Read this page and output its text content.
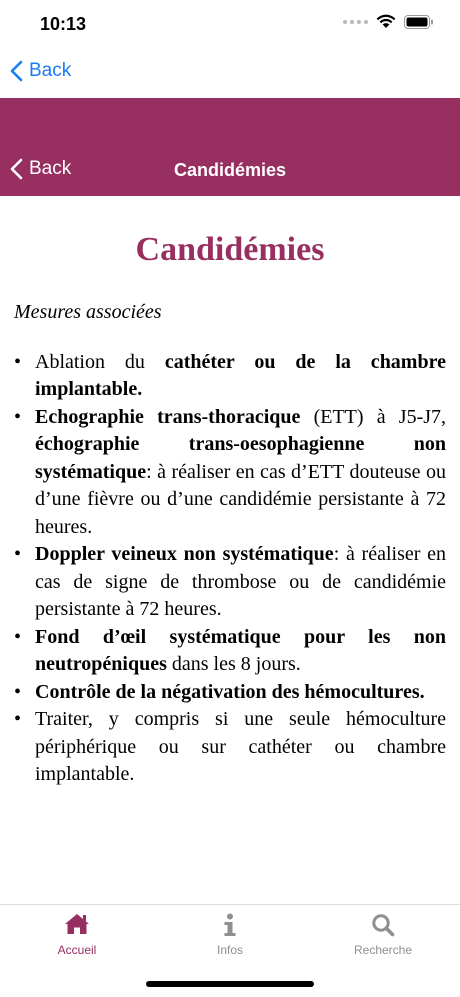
10:13
Back
Back	Candidémies
Candidémies

Mesures associées

• Ablation du cathéter ou de la chambre implantable.
• Echographie trans-thoracique (ETT) à J5-J7, échographie trans-oesophagienne non systématique: à réaliser en cas d’ETT douteuse ou d’une fièvre ou d’une candidémie persistante à 72 heures.
• Doppler veineux non systématique: à réaliser en cas de signe de thrombose ou de candidémie persistante à 72 heures.
• Fond d’œil systématique pour les non neutropéniques dans les 8 jours.
• Contrôle de la négativation des hémocultures.
• Traiter, y compris si une seule hémoculture périphérique ou sur cathéter ou chambre implantable.
Accueil	Infos	Recherche
